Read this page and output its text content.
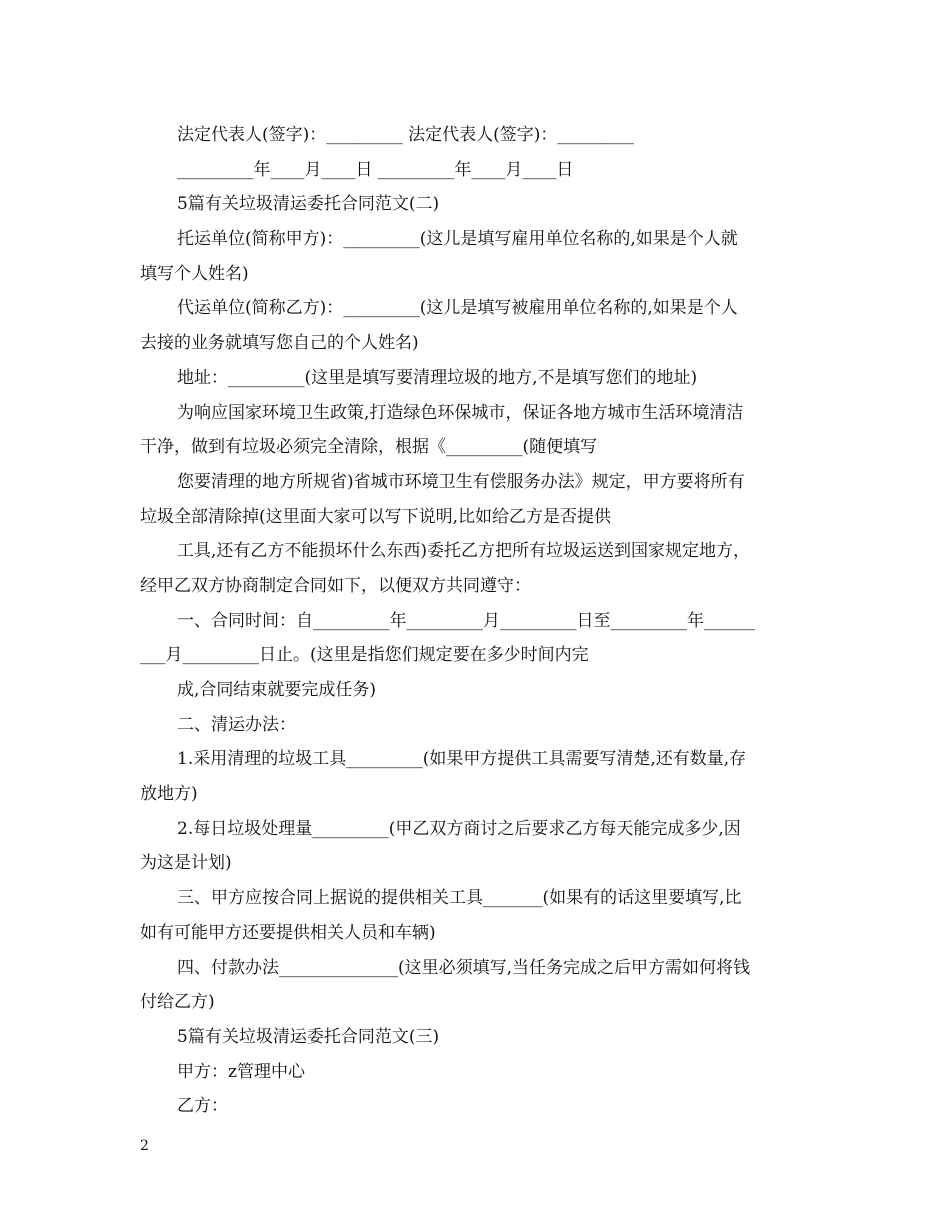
法定代表人(签字)：_________ 法定代表人(签字)：_________
_________年____月____日 _________年____月____日
5篇有关垃圾清运委托合同范文(二)
托运单位(简称甲方)：_________(这儿是填写雇用单位名称的,如果是个人就
填写个人姓名)
代运单位(简称乙方)：_________(这儿是填写被雇用单位名称的,如果是个人
去接的业务就填写您自己的个人姓名)
地址：_________(这里是填写要清理垃圾的地方,不是填写您们的地址)
为响应国家环境卫生政策,打造绿色环保城市，保证各地方城市生活环境清洁
干净，做到有垃圾必须完全清除，根据《_________(随便填写
您要清理的地方所规省)省城市环境卫生有偿服务办法》规定，甲方要将所有
垃圾全部清除掉(这里面大家可以写下说明,比如给乙方是否提供
工具,还有乙方不能损坏什么东西)委托乙方把所有垃圾运送到国家规定地方，
经甲乙双方协商制定合同如下，以便双方共同遵守：
一、合同时间：自_________年_________月_________日至_________年______
___月_________日止。(这里是指您们规定要在多少时间内完
成,合同结束就要完成任务)
二、清运办法：
1.采用清理的垃圾工具_________(如果甲方提供工具需要写清楚,还有数量,存
放地方)
2.每日垃圾处理量_________(甲乙双方商讨之后要求乙方每天能完成多少,因
为这是计划)
三、甲方应按合同上据说的提供相关工具_______(如果有的话这里要填写,比
如有可能甲方还要提供相关人员和车辆)
四、付款办法______________(这里必须填写,当任务完成之后甲方需如何将钱
付给乙方)
5篇有关垃圾清运委托合同范文(三)
甲方：z管理中心
乙方：
2
